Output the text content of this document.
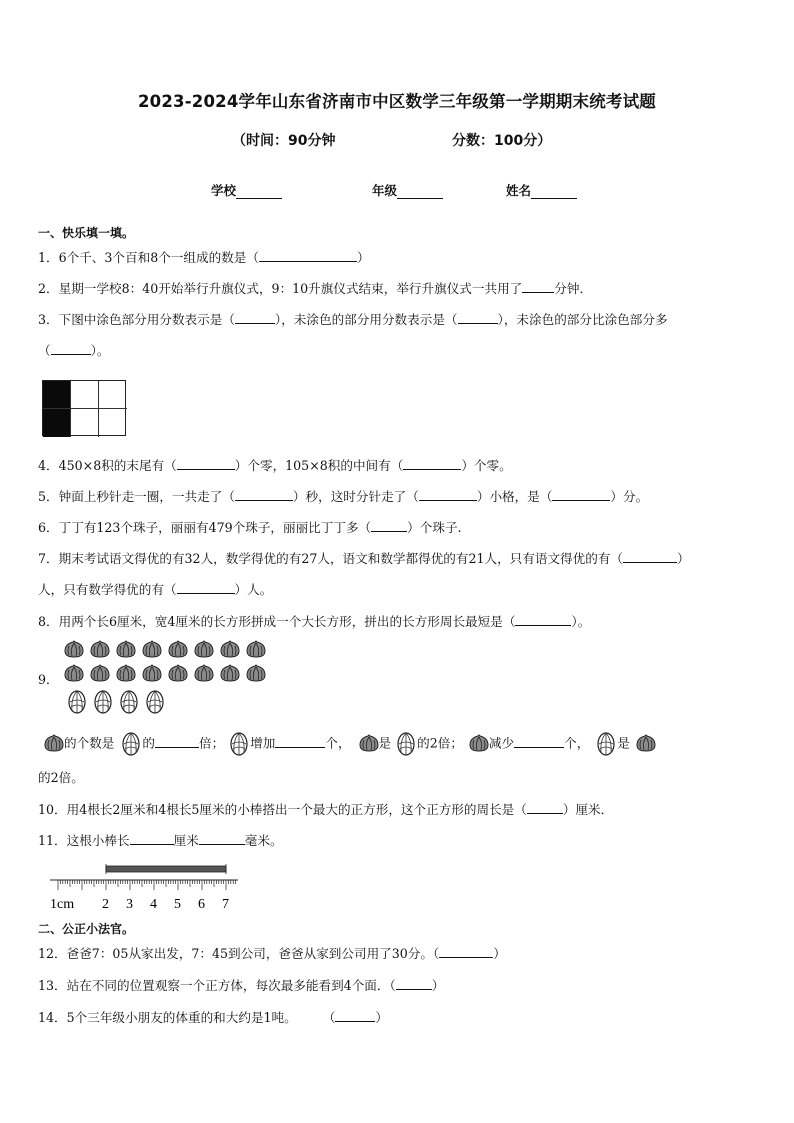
2023-2024学年山东省济南市中区数学三年级第一学期期末统考试题
（时间：90分钟	分数：100分）
学校	年级	姓名
一、快乐填一填。
1．6个千、3个百和8个一组成的数是（	）
2．星期一学校8：40开始举行升旗仪式，9：10升旗仪式结束，举行升旗仪式一共用了	分钟．
3．下图中涂色部分用分数表示是（	），未涂色的部分用分数表示是（	），未涂色的部分比涂色部分多
（	）。
4．450×8积的末尾有（	）个零，105×8积的中间有（	）个零。
5．钟面上秒针走一圈，一共走了（	）秒，这时分针走了（	）小格，是（	）分。
6．丁丁有123个珠子，丽丽有479个珠子，丽丽比丁丁多（	）个珠子.
7．期末考试语文得优的有32人，数学得优的有27人，语文和数学都得优的有21人，只有语文得优的有（	）
人，只有数学得优的有（	）人。
8．用两个长6厘米，宽4厘米的长方形拼成一个大长方形，拼出的长方形周长最短是（	）。
9．
的个数是 的	倍； 增加	个， 是 的2倍； 减少	个， 是
的2倍。
10．用4根长2厘米和4根长5厘米的小棒搭出一个最大的正方形，这个正方形的周长是（	）厘米．
11．这根小棒长	厘米	毫米。
1cm 2 3 4 5 6 7
二、公正小法官。
12．爸爸7：05从家出发，7：45到公司，爸爸从家到公司用了30分。（	）
13．站在不同的位置观察一个正方体，每次最多能看到4个面．（	）
14．5个三年级小朋友的体重的和大约是1吨。 （	）
